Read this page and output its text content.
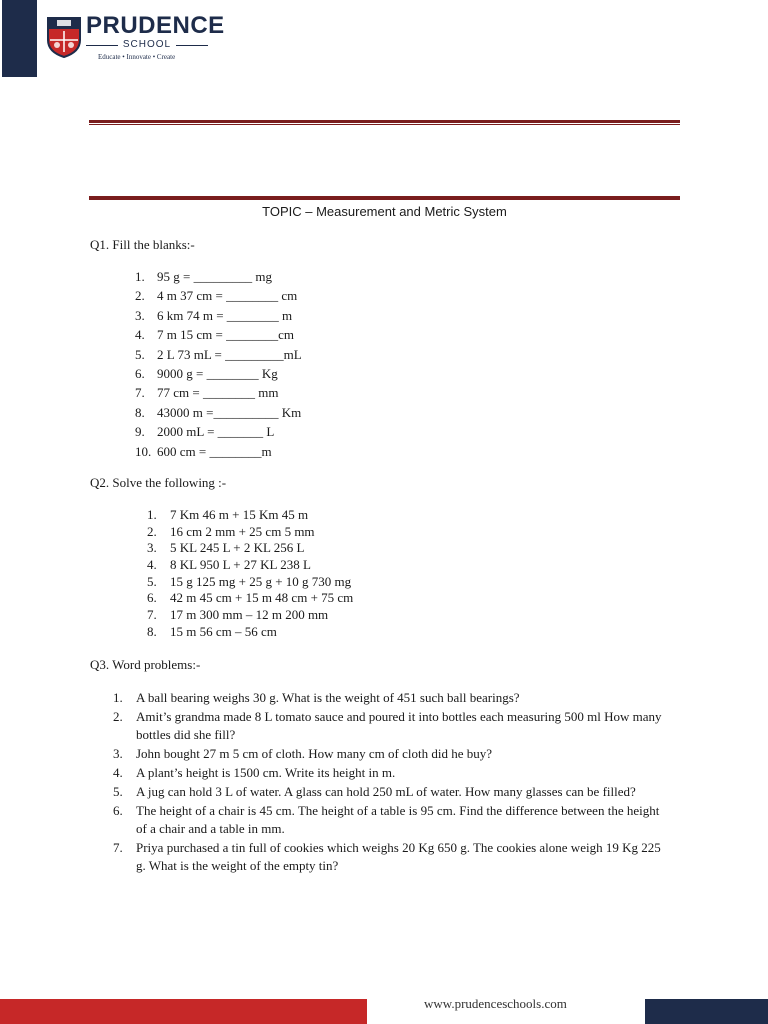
PRUDENCE
SCHOOL
Educate • Innovate • Create
TOPIC – Measurement and Metric System
Q1. Fill the blanks:-
1. 95 g = _________ mg
2. 4 m 37 cm = ________ cm
3. 6 km 74 m = ________ m
4. 7 m 15 cm = ________cm
5. 2 L 73 mL = _________mL
6. 9000 g = ________ Kg
7. 77 cm = ________ mm
8. 43000 m =__________ Km
9. 2000 mL = _______ L
10. 600 cm = ________m
Q2. Solve the following :-
1. 7 Km 46 m + 15 Km 45 m
2. 16 cm 2 mm + 25 cm 5 mm
3. 5 KL 245 L + 2 KL 256 L
4. 8 KL 950 L + 27 KL 238 L
5. 15 g 125 mg + 25 g + 10 g 730 mg
6. 42 m 45 cm + 15 m 48 cm + 75 cm
7. 17 m 300 mm – 12 m 200 mm
8. 15 m 56 cm – 56 cm
Q3. Word problems:-
1. A ball bearing weighs 30 g. What is the weight of 451 such ball bearings?
2. Amit’s grandma made 8 L tomato sauce and poured it into bottles each measuring 500 ml How many bottles did she fill?
3. John bought 27 m 5 cm of cloth. How many cm of cloth did he buy?
4. A plant’s height is 1500 cm. Write its height in m.
5. A jug can hold 3 L of water. A glass can hold 250 mL of water. How many glasses can be filled?
6. The height of a chair is 45 cm. The height of a table is 95 cm. Find the difference between the height of a chair and a table in mm.
7. Priya purchased a tin full of cookies which weighs 20 Kg 650 g. The cookies alone weigh 19 Kg 225 g. What is the weight of the empty tin?
www.prudenceschools.com
